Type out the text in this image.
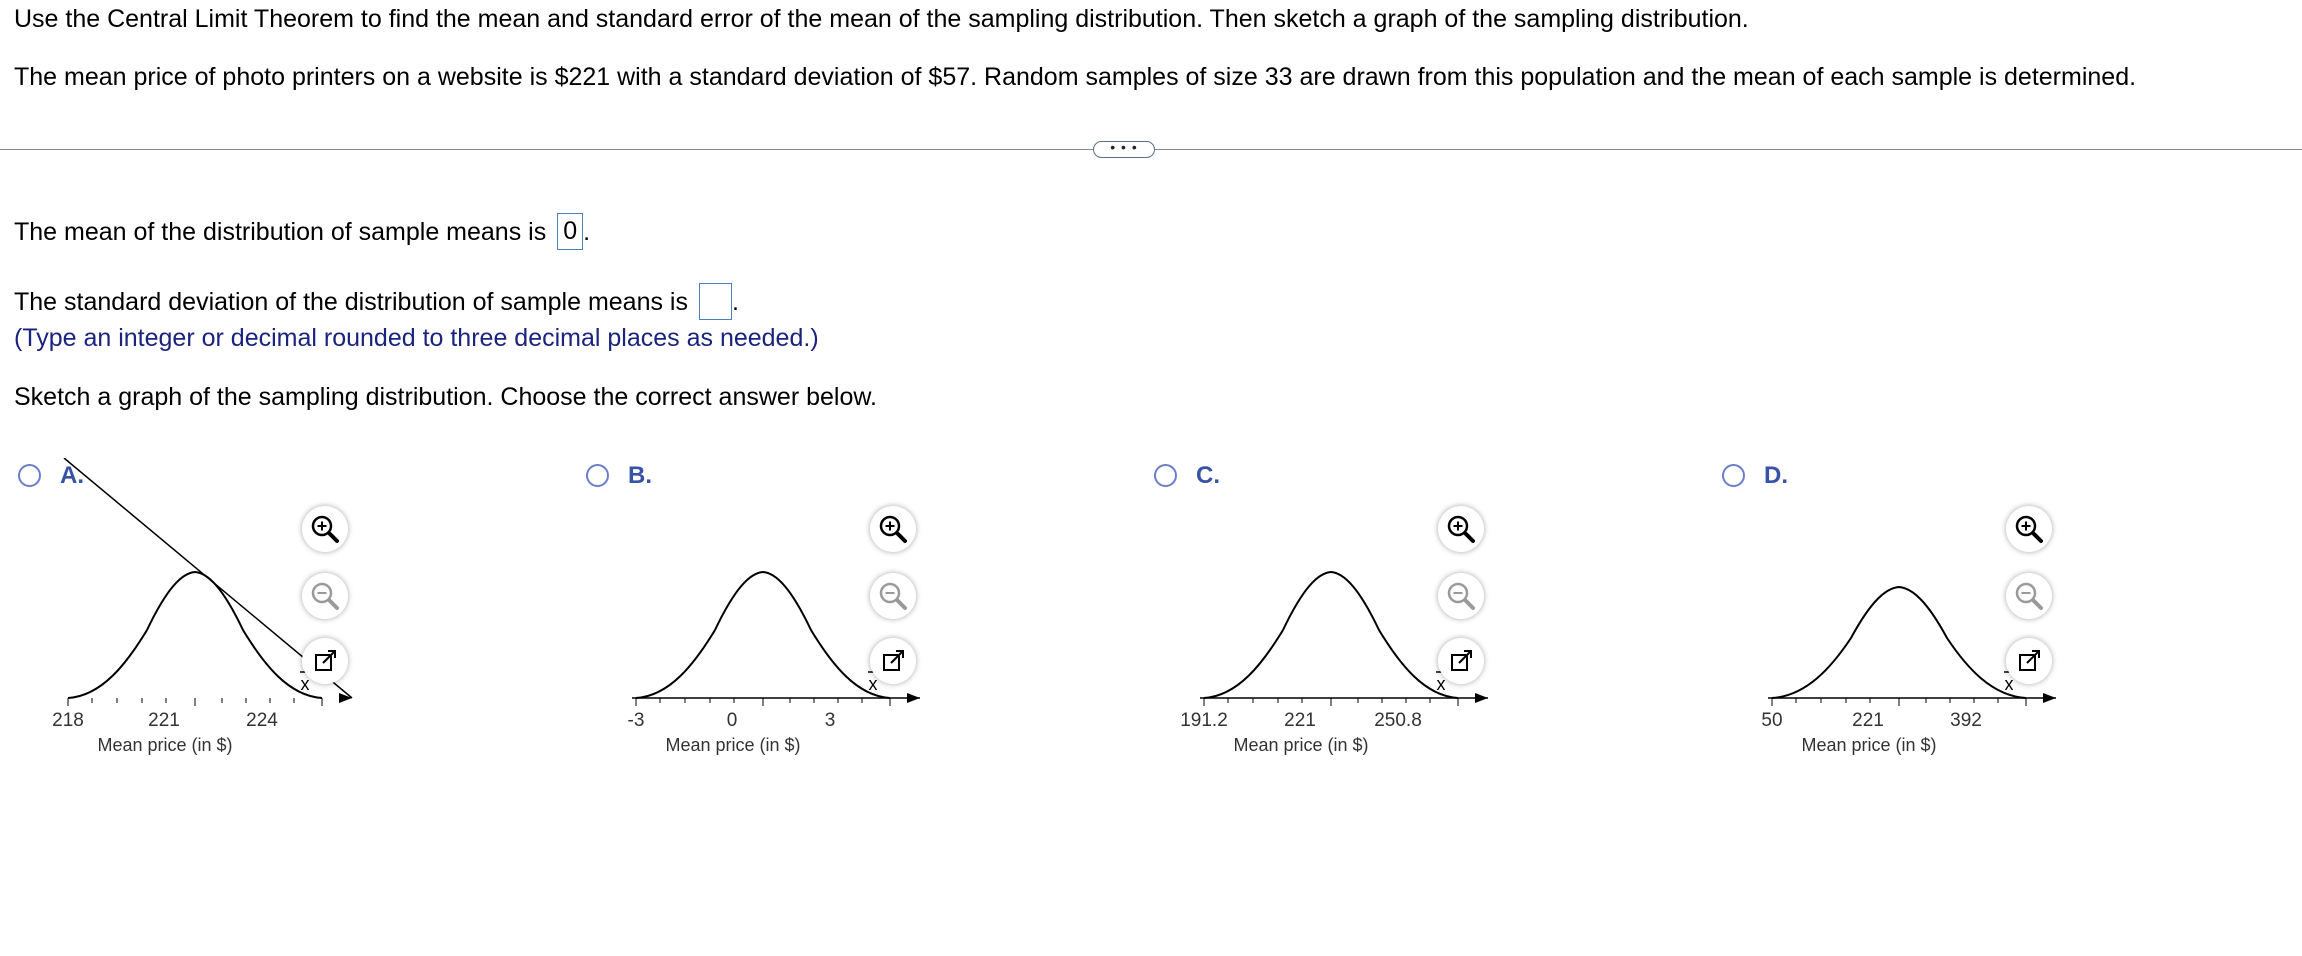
Use the Central Limit Theorem to find the mean and standard error of the mean of the sampling distribution. Then sketch a graph of the sampling distribution.
The mean price of photo printers on a website is $221 with a standard deviation of $57. Random samples of size 33 are drawn from this population and the mean of each sample is determined.
• • •
The mean of the distribution of sample means is 0 .
The standard deviation of the distribution of sample means is .
(Type an integer or decimal rounded to three decimal places as needed.)
Sketch a graph of the sampling distribution. Choose the correct answer below.
A.
x
218	221	224
Mean price (in $)
B.
x
-3	0	3
Mean price (in $)
C.
x
191.2	221	250.8
Mean price (in $)
D.
x
50	221	392
Mean price (in $)
